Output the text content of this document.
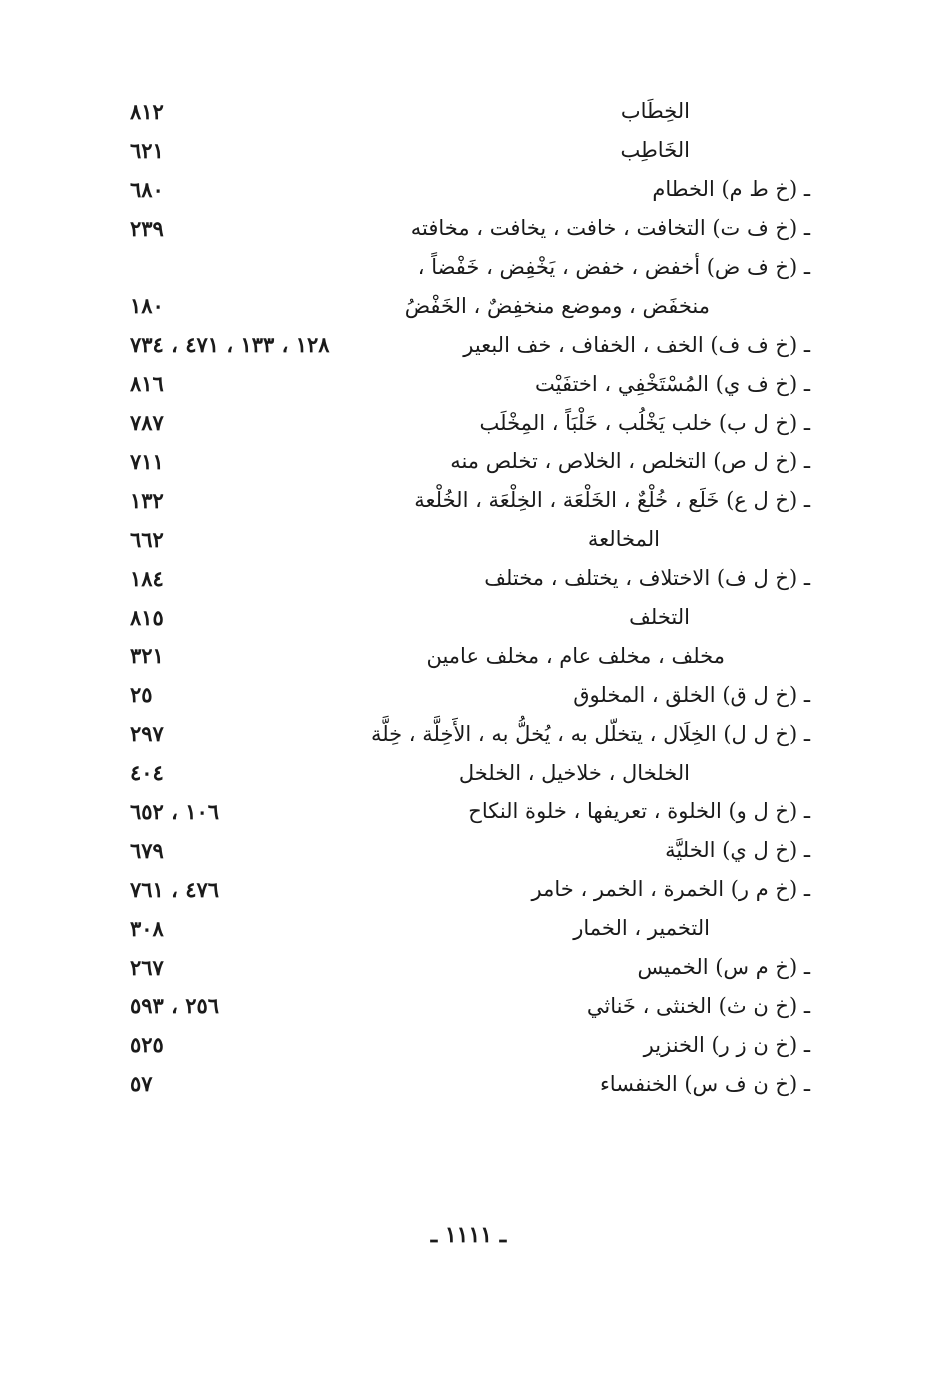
٨١٢	الخِطَاب
٦٢١	الخَاطِب
٦٨٠	ـ (خ ط م) الخطام
٢٣٩	ـ (خ ف ت) التخافت ، خافت ، يخافت ، مخافته
ـ (خ ف ض) أخفض ، خفض ، يَخْفِض ، خَفْضاً ،
١٨٠	منخفَض ، وموضع منخفِضٌ ، الخَفْضُ
١٢٨ ، ١٣٣ ، ٤٧١ ، ٧٣٤	ـ (خ ف ف) الخف ، الخفاف ، خف البعير
٨١٦	ـ (خ ف ي) المُسْتَخْفِي ، اختفَيْت
٧٨٧	ـ (خ ل ب) خلب يَخْلُب ، خَلْبَاً ، المِخْلَب
٧١١	ـ (خ ل ص) التخلص ، الخلاص ، تخلص منه
١٣٢	ـ (خ ل ع) خَلَع ، خُلْعٌ ، الخَلْعَة ، الخِلْعَة ، الخُلْعة
٦٦٢	المخالعة
١٨٤	ـ (خ ل ف) الاختلاف ، يختلف ، مختلف
٨١٥	التخلف
٣٢١	مخلف ، مخلف عام ، مخلف عامين
٢٥	ـ (خ ل ق) الخلق ، المخلوق
٢٩٧	ـ (خ ل ل) الخِلَال ، يتخلّل به ، يُخلُّ به ، الأَخِلَّة ، خِلَّة
٤٠٤	الخلخال ، خلاخيل ، الخلخل
١٠٦ ، ٦٥٢	ـ (خ ل و) الخلوة ، تعريفها ، خلوة النكاح
٦٧٩	ـ (خ ل ي) الخليَّة
٤٧٦ ، ٧٦١	ـ (خ م ر) الخمرة ، الخمر ، خامر
٣٠٨	التخمير ، الخمار
٢٦٧	ـ (خ م س) الخميس
٢٥٦ ، ٥٩٣	ـ (خ ن ث) الخنثى ، خَناثي
٥٢٥	ـ (خ ن ز ر) الخنزير
٥٧	ـ (خ ن ف س) الخنفساء
ـ ١١١١ ـ
